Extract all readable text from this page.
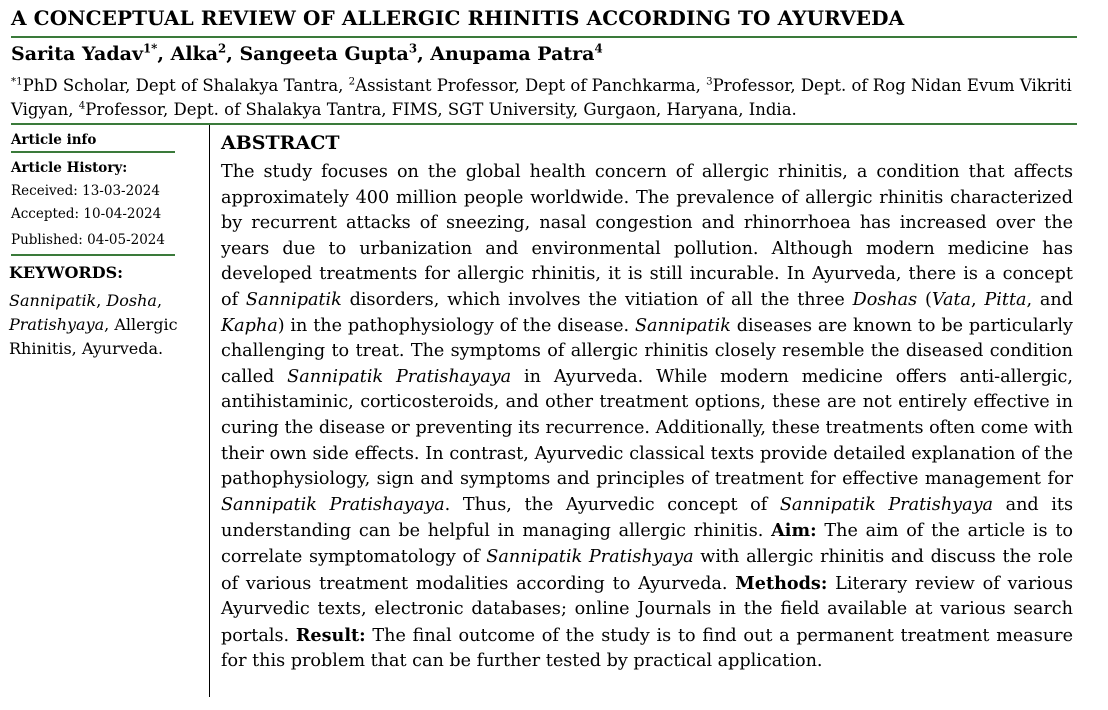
A CONCEPTUAL REVIEW OF ALLERGIC RHINITIS ACCORDING TO AYURVEDA
Sarita Yadav$^{1*}$, Alka$^2$, Sangeeta Gupta$^3$, Anupama Patra$^4$
$^{*1}$PhD Scholar, Dept of Shalakya Tantra, $^2$Assistant Professor, Dept of Panchkarma, $^3$Professor, Dept. of Rog Nidan Evum Vikriti Vigyan, $^4$Professor, Dept. of Shalakya Tantra, FIMS, SGT University, Gurgaon, Haryana, India.
Article info
Article History:
Received: 13-03-2024
Accepted: 10-04-2024
Published: 04-05-2024
KEYWORDS:
Sannipatik, Dosha, Pratishyaya, Allergic Rhinitis, Ayurveda.
ABSTRACT
The study focuses on the global health concern of allergic rhinitis, a condition that affects approximately 400 million people worldwide. The prevalence of allergic rhinitis characterized by recurrent attacks of sneezing, nasal congestion and rhinorrhoea has increased over the years due to urbanization and environmental pollution. Although modern medicine has developed treatments for allergic rhinitis, it is still incurable. In Ayurveda, there is a concept of Sannipatik disorders, which involves the vitiation of all the three Doshas (Vata, Pitta, and Kapha) in the pathophysiology of the disease. Sannipatik diseases are known to be particularly challenging to treat. The symptoms of allergic rhinitis closely resemble the diseased condition called Sannipatik Pratishayaya in Ayurveda. While modern medicine offers anti-allergic, antihistaminic, corticosteroids, and other treatment options, these are not entirely effective in curing the disease or preventing its recurrence. Additionally, these treatments often come with their own side effects. In contrast, Ayurvedic classical texts provide detailed explanation of the pathophysiology, sign and symptoms and principles of treatment for effective management for Sannipatik Pratishayaya. Thus, the Ayurvedic concept of Sannipatik Pratishyaya and its understanding can be helpful in managing allergic rhinitis. Aim: The aim of the article is to correlate symptomatology of Sannipatik Pratishyaya with allergic rhinitis and discuss the role of various treatment modalities according to Ayurveda. Methods: Literary review of various Ayurvedic texts, electronic databases; online Journals in the field available at various search portals. Result: The final outcome of the study is to find out a permanent treatment measure for this problem that can be further tested by practical application.
